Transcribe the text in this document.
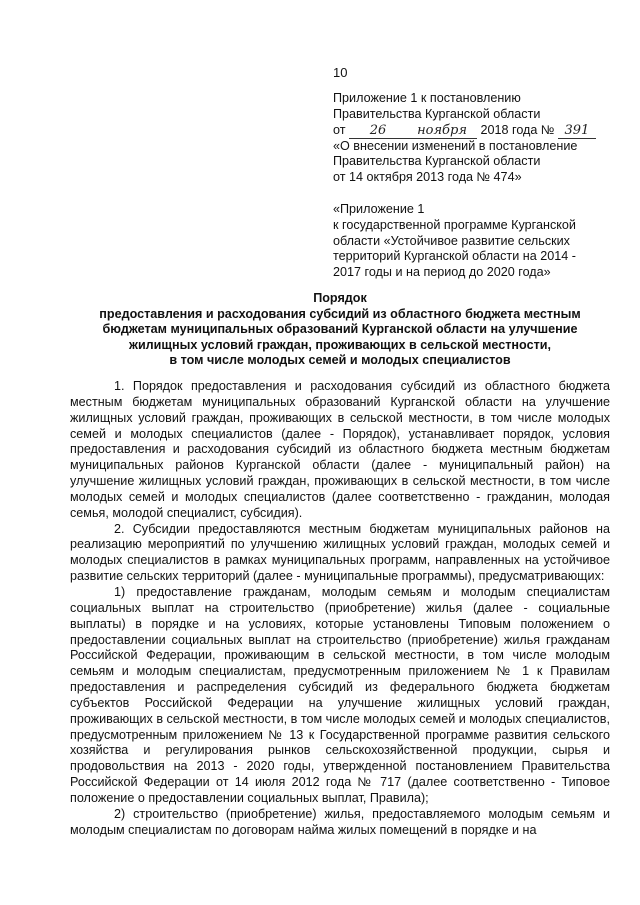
10
Приложение 1 к постановлению
Правительства Курганской области
от 26 ноября 2018 года № 391
«О внесении изменений в постановление
Правительства Курганской области
от 14 октября 2013 года № 474»
«Приложение 1
к государственной программе Курганской
области «Устойчивое развитие сельских
территорий Курганской области на 2014 -
2017 годы и на период до 2020 года»
Порядок
предоставления и расходования субсидий из областного бюджета местным
бюджетам муниципальных образований Курганской области на улучшение
жилищных условий граждан, проживающих в сельской местности,
в том числе молодых семей и молодых специалистов

1. Порядок предоставления и расходования субсидий из областного бюджета местным бюджетам муниципальных образований Курганской области на улучшение жилищных условий граждан, проживающих в сельской местности, в том числе молодых семей и молодых специалистов (далее - Порядок), устанавливает порядок, условия предоставления и расходования субсидий из областного бюджета местным бюджетам муниципальных районов Курганской области (далее - муниципальный район) на улучшение жилищных условий граждан, проживающих в сельской местности, в том числе молодых семей и молодых специалистов (далее соответственно - гражданин, молодая семья, молодой специалист, субсидия).

2. Субсидии предоставляются местным бюджетам муниципальных районов на реализацию мероприятий по улучшению жилищных условий граждан, молодых семей и молодых специалистов в рамках муниципальных программ, направленных на устойчивое развитие сельских территорий (далее - муниципальные программы), предусматривающих:

1) предоставление гражданам, молодым семьям и молодым специалистам социальных выплат на строительство (приобретение) жилья (далее - социальные выплаты) в порядке и на условиях, которые установлены Типовым положением о предоставлении социальных выплат на строительство (приобретение) жилья гражданам Российской Федерации, проживающим в сельской местности, в том числе молодым семьям и молодым специалистам, предусмотренным приложением № 1 к Правилам предоставления и распределения субсидий из федерального бюджета бюджетам субъектов Российской Федерации на улучшение жилищных условий граждан, проживающих в сельской местности, в том числе молодых семей и молодых специалистов, предусмотренным приложением № 13 к Государственной программе развития сельского хозяйства и регулирования рынков сельскохозяйственной продукции, сырья и продовольствия на 2013 - 2020 годы, утвержденной постановлением Правительства Российской Федерации от 14 июля 2012 года № 717 (далее соответственно - Типовое положение о предоставлении социальных выплат, Правила);

2) строительство (приобретение) жилья, предоставляемого молодым семьям и молодым специалистам по договорам найма жилых помещений в порядке и на
